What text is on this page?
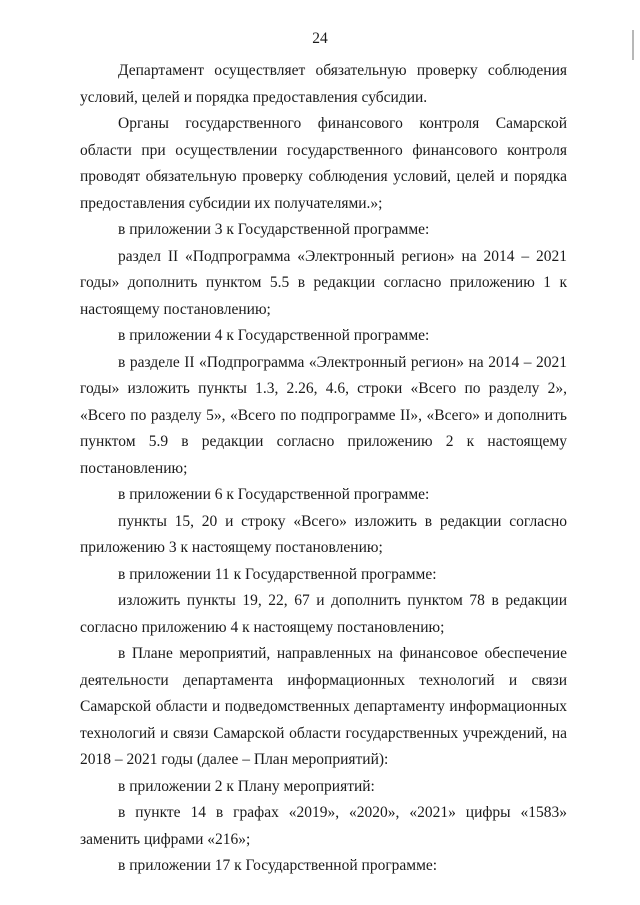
24

Департамент осуществляет обязательную проверку соблюдения условий, целей и порядка предоставления субсидии.

Органы государственного финансового контроля Самарской области при осуществлении государственного финансового контроля проводят обязательную проверку соблюдения условий, целей и порядка предоставления субсидии их получателями.»;

в приложении 3 к Государственной программе:

раздел II «Подпрограмма «Электронный регион» на 2014 – 2021 годы» дополнить пунктом 5.5 в редакции согласно приложению 1 к настоящему постановлению;

в приложении 4 к Государственной программе:

в разделе II «Подпрограмма «Электронный регион» на 2014 – 2021 годы» изложить пункты 1.3, 2.26, 4.6, строки «Всего по разделу 2», «Всего по разделу 5», «Всего по подпрограмме II», «Всего» и дополнить пунктом 5.9 в редакции согласно приложению 2 к настоящему постановлению;

в приложении 6 к Государственной программе:

пункты 15, 20 и строку «Всего» изложить в редакции согласно приложению 3 к настоящему постановлению;

в приложении 11 к Государственной программе:

изложить пункты 19, 22, 67 и дополнить пунктом 78 в редакции согласно приложению 4 к настоящему постановлению;

в Плане мероприятий, направленных на финансовое обеспечение деятельности департамента информационных технологий и связи Самарской области и подведомственных департаменту информационных технологий и связи Самарской области государственных учреждений, на 2018 – 2021 годы (далее – План мероприятий):

в приложении 2 к Плану мероприятий:

в пункте 14 в графах «2019», «2020», «2021» цифры «1583» заменить цифрами «216»;

в приложении 17 к Государственной программе:
